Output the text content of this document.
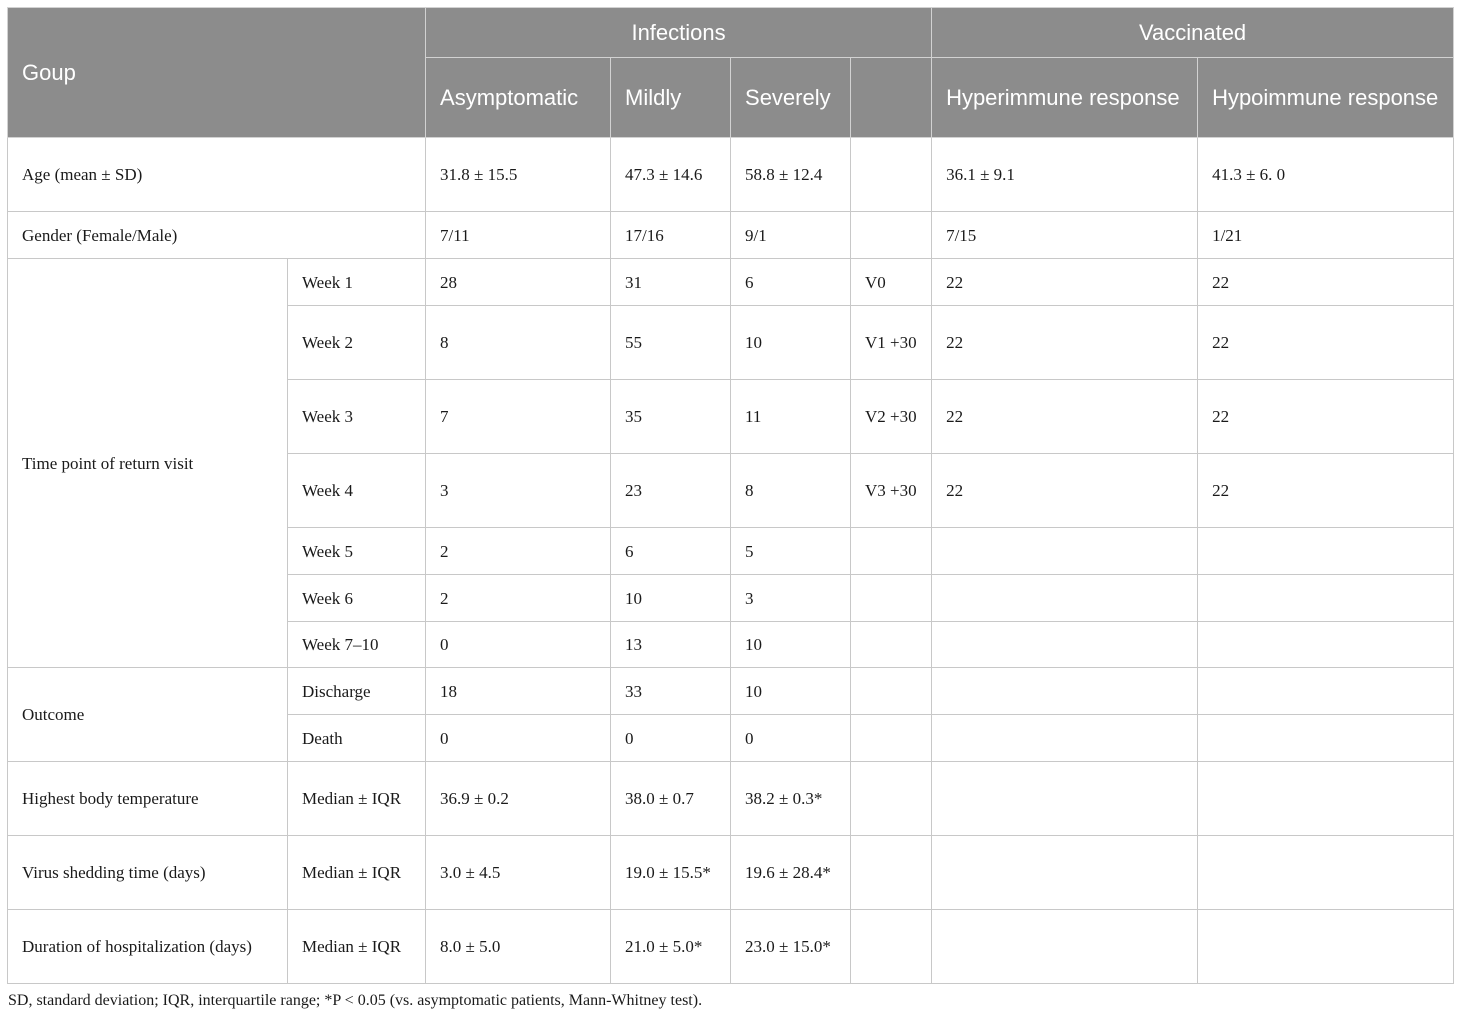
Goup		Infections				Vaccinated	
		Asymptomatic	Mildly	Severely		Hyperimmune response	Hypoimmune response
Age (mean ± SD)		31.8 ± 15.5	47.3 ± 14.6	58.8 ± 12.4		36.1 ± 9.1	41.3 ± 6. 0
Gender (Female/Male)		7/11	17/16	9/1		7/15	1/21
Time point of return visit	Week 1	28	31	6	V0	22	22
	Week 2	8	55	10	V1 +30	22	22
	Week 3	7	35	11	V2 +30	22	22
	Week 4	3	23	8	V3 +30	22	22
	Week 5	2	6	5			
	Week 6	2	10	3			
	Week 7–10	0	13	10			
Outcome	Discharge	18	33	10			
	Death	0	0	0			
Highest body temperature	Median ± IQR	36.9 ± 0.2	38.0 ± 0.7	38.2 ± 0.3*			
Virus shedding time (days)	Median ± IQR	3.0 ± 4.5	19.0 ± 15.5*	19.6 ± 28.4*			
Duration of hospitalization (days)	Median ± IQR	8.0 ± 5.0	21.0 ± 5.0*	23.0 ± 15.0*			
SD, standard deviation; IQR, interquartile range; *P < 0.05 (vs. asymptomatic patients, Mann-Whitney test).
